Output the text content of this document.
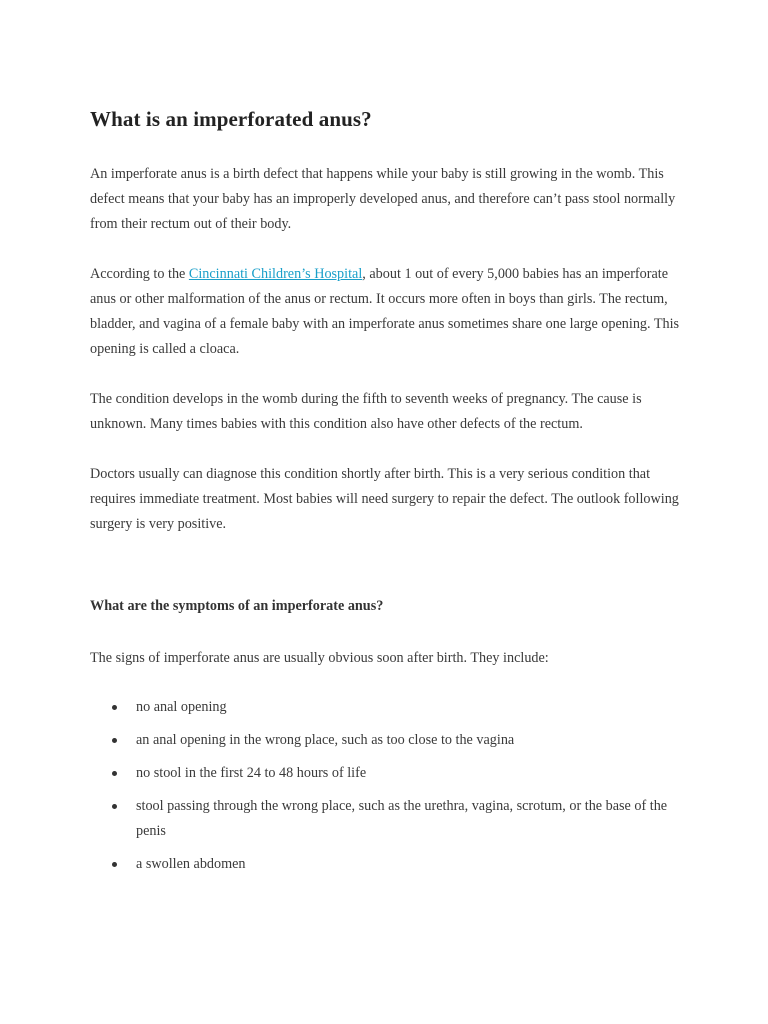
What is an imperforated anus?

An imperforate anus is a birth defect that happens while your baby is still growing in the womb. This defect means that your baby has an improperly developed anus, and therefore can’t pass stool normally from their rectum out of their body.

According to the Cincinnati Children’s Hospital, about 1 out of every 5,000 babies has an imperforate anus or other malformation of the anus or rectum. It occurs more often in boys than girls. The rectum, bladder, and vagina of a female baby with an imperforate anus sometimes share one large opening. This opening is called a cloaca.

The condition develops in the womb during the fifth to seventh weeks of pregnancy. The cause is unknown. Many times babies with this condition also have other defects of the rectum.

Doctors usually can diagnose this condition shortly after birth. This is a very serious condition that requires immediate treatment. Most babies will need surgery to repair the defect. The outlook following surgery is very positive.

What are the symptoms of an imperforate anus?

The signs of imperforate anus are usually obvious soon after birth. They include:

no anal opening
an anal opening in the wrong place, such as too close to the vagina
no stool in the first 24 to 48 hours of life
stool passing through the wrong place, such as the urethra, vagina, scrotum, or the base of the penis
a swollen abdomen
